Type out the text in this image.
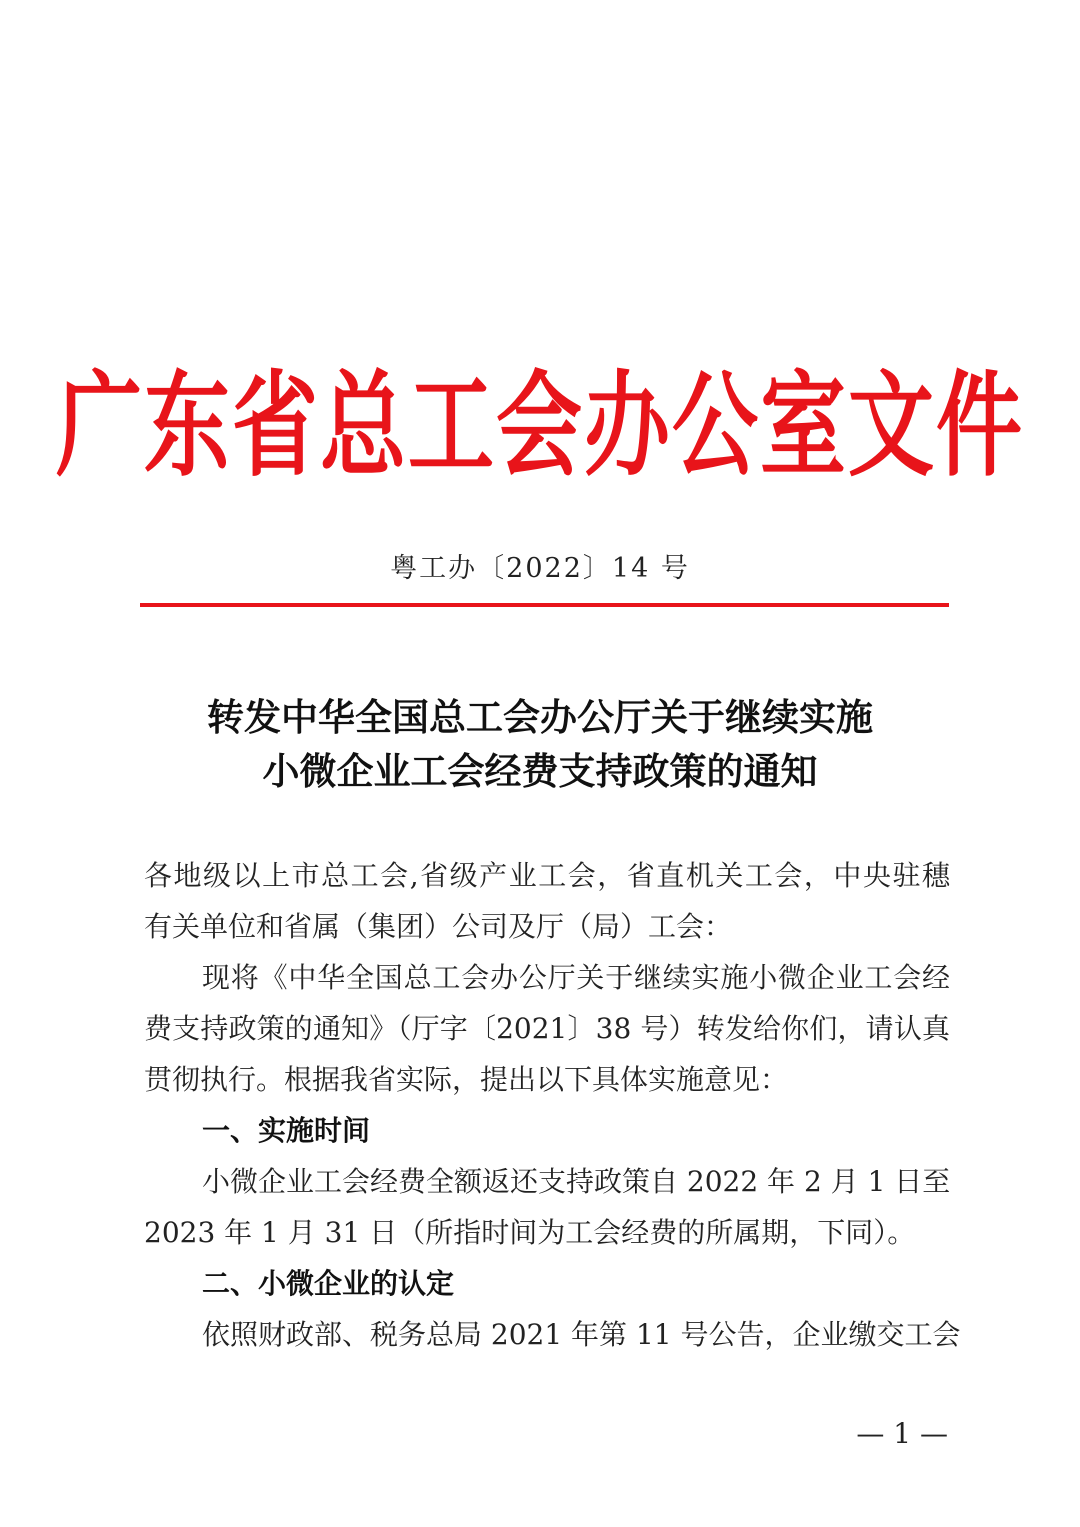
广东省总工会办公室文件
粤工办〔2022〕14 号
转发中华全国总工会办公厅关于继续实施
小微企业工会经费支持政策的通知
各地级以上市总工会,省级产业工会，省直机关工会，中央驻穗
有关单位和省属（集团）公司及厅（局）工会：
现将《中华全国总工会办公厅关于继续实施小微企业工会经
费支持政策的通知》（厅字〔2021〕38 号）转发给你们，请认真
贯彻执行。根据我省实际，提出以下具体实施意见：
一、实施时间
小微企业工会经费全额返还支持政策自 2022 年 2 月 1 日至
2023 年 1 月 31 日（所指时间为工会经费的所属期，下同）。
二、小微企业的认定
依照财政部、税务总局 2021 年第 11 号公告，企业缴交工会
— 1 —
